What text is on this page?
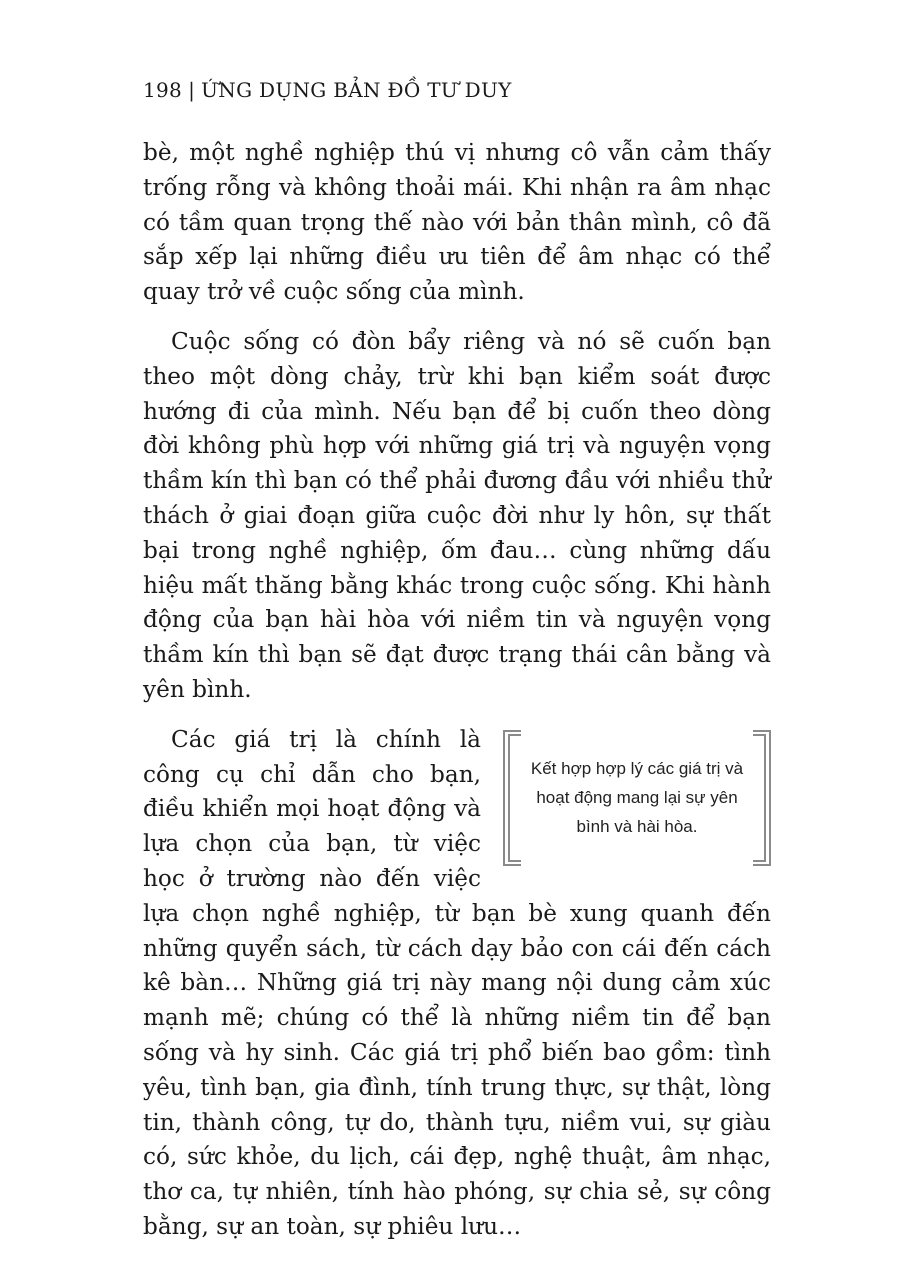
198 | ỨNG DỤNG BẢN ĐỒ TƯ DUY

bè, một nghề nghiệp thú vị nhưng cô vẫn cảm thấy trống rỗng và không thoải mái. Khi nhận ra âm nhạc có tầm quan trọng thế nào với bản thân mình, cô đã sắp xếp lại những điều ưu tiên để âm nhạc có thể quay trở về cuộc sống của mình.

Cuộc sống có đòn bẩy riêng và nó sẽ cuốn bạn theo một dòng chảy, trừ khi bạn kiểm soát được hướng đi của mình. Nếu bạn để bị cuốn theo dòng đời không phù hợp với những giá trị và nguyện vọng thầm kín thì bạn có thể phải đương đầu với nhiều thử thách ở giai đoạn giữa cuộc đời như ly hôn, sự thất bại trong nghề nghiệp, ốm đau… cùng những dấu hiệu mất thăng bằng khác trong cuộc sống. Khi hành động của bạn hài hòa với niềm tin và nguyện vọng thầm kín thì bạn sẽ đạt được trạng thái cân bằng và yên bình.

Kết hợp hợp lý các giá trị và hoạt động mang lại sự yên bình và hài hòa.

Các giá trị là chính là công cụ chỉ dẫn cho bạn, điều khiển mọi hoạt động và lựa chọn của bạn, từ việc học ở trường nào đến việc lựa chọn nghề nghiệp, từ bạn bè xung quanh đến những quyển sách, từ cách dạy bảo con cái đến cách kê bàn… Những giá trị này mang nội dung cảm xúc mạnh mẽ; chúng có thể là những niềm tin để bạn sống và hy sinh. Các giá trị phổ biến bao gồm: tình yêu, tình bạn, gia đình, tính trung thực, sự thật, lòng tin, thành công, tự do, thành tựu, niềm vui, sự giàu có, sức khỏe, du lịch, cái đẹp, nghệ thuật, âm nhạc, thơ ca, tự nhiên, tính hào phóng, sự chia sẻ, sự công bằng, sự an toàn, sự phiêu lưu…
